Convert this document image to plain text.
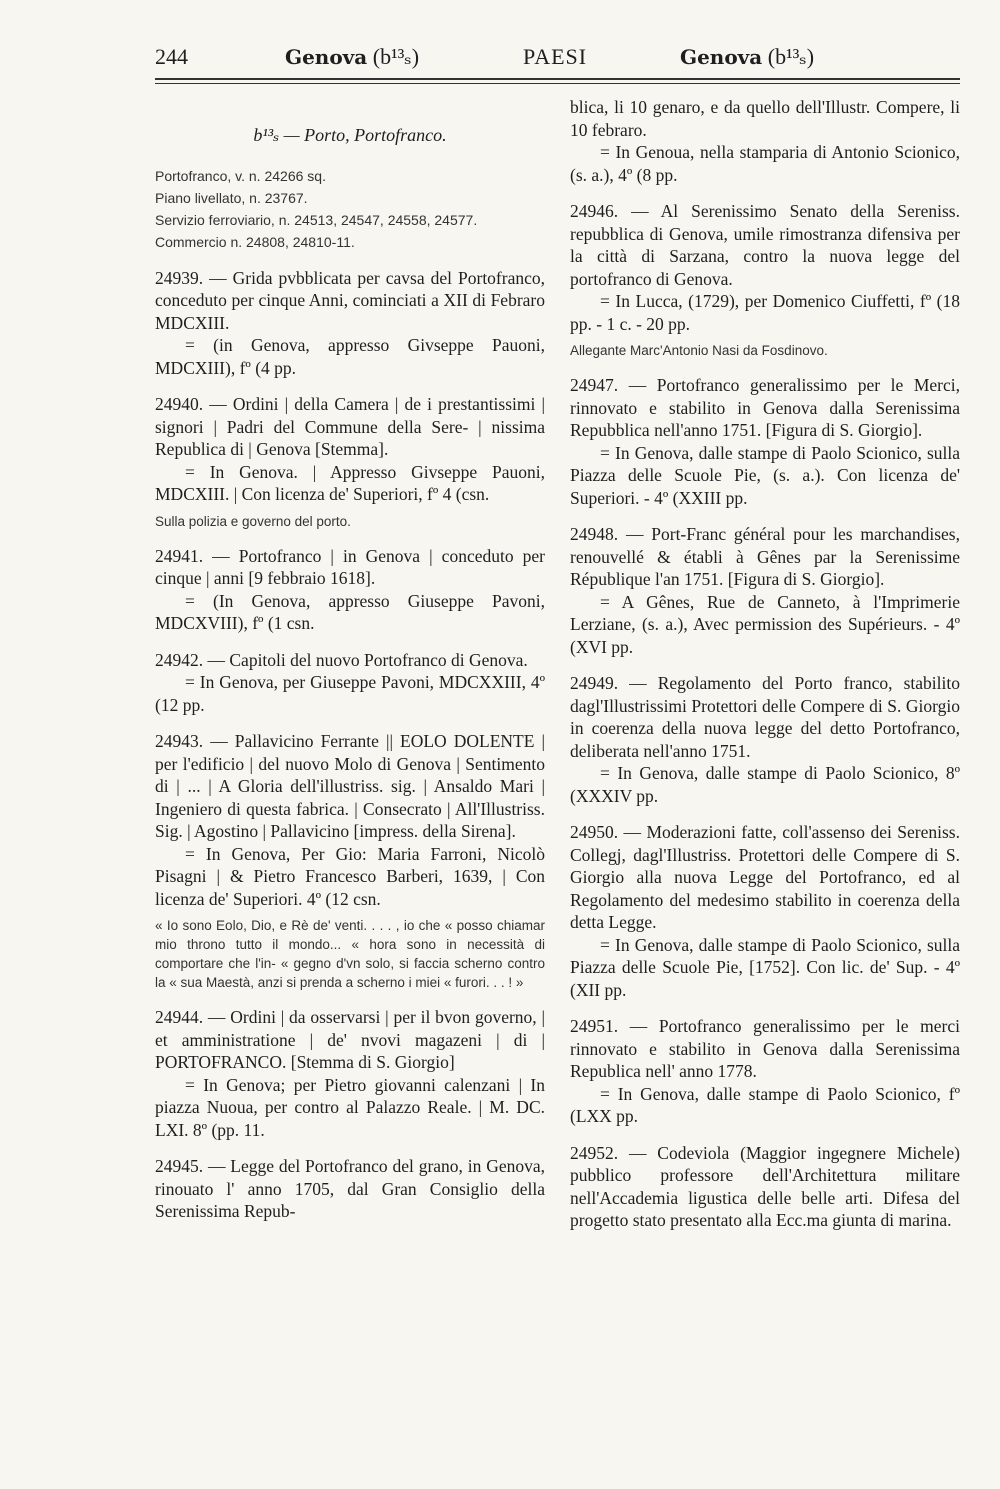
244	Genova (b¹³ₛ)	PAESI	Genova (b¹³ₛ)
b¹³ₛ — Porto, Portofranco.
Portofranco, v. n. 24266 sq.
Piano livellato, n. 23767.
Servizio ferroviario, n. 24513, 24547, 24558, 24577.
Commercio n. 24808, 24810-11.

24939. — Grida pvbblicata per cavsa del Portofranco, conceduto per cinque Anni, cominciati a XII di Febraro MDCXIII.

= (in Genova, appresso Givseppe Pauoni, MDCXIII), fº (4 pp.

24940. — Ordini | della Camera | de i prestantissimi | signori | Padri del Commune della Sere- | nissima Republica di | Genova [Stemma].

= In Genova. | Appresso Givseppe Pauoni, MDCXIII. | Con licenza de' Superiori, fº 4 (csn.

Sulla polizia e governo del porto.

24941. — Portofranco | in Genova | conceduto per cinque | anni [9 febbraio 1618].

= (In Genova, appresso Giuseppe Pavoni, MDCXVIII), fº (1 csn.

24942. — Capitoli del nuovo Portofranco di Genova.

= In Genova, per Giuseppe Pavoni, MDCXXIII, 4º (12 pp.

24943. — Pallavicino Ferrante || EOLO DOLENTE | per l'edificio | del nuovo Molo di Genova | Sentimento di | ... | A Gloria dell'illustriss. sig. | Ansaldo Mari | Ingeniero di questa fabrica. | Consecrato | All'Illustriss. Sig. | Agostino | Pallavicino [impress. della Sirena].

= In Genova, Per Gio: Maria Farroni, Nicolò Pisagni | & Pietro Francesco Barberi, 1639, | Con licenza de' Superiori. 4º (12 csn.

« Io sono Eolo, Dio, e Rè de' venti. . . . , io che « posso chiamar mio throno tutto il mondo... « hora sono in necessità di comportare che l'in- « gegno d'vn solo, si faccia scherno contro la « sua Maestà, anzi si prenda a scherno i miei « furori. . . ! »

24944. — Ordini | da osservarsi | per il bvon governo, | et amministratione | de' nvovi magazeni | di | PORTOFRANCO. [Stemma di S. Giorgio]

= In Genova; per Pietro giovanni calenzani | In piazza Nuoua, per contro al Palazzo Reale. | M. DC. LXI. 8º (pp. 11.

24945. — Legge del Portofranco del grano, in Genova, rinouato l' anno 1705, dal Gran Consiglio della Serenissima Repub-

blica, li 10 genaro, e da quello dell'Illustr. Compere, li 10 febraro.

= In Genoua, nella stamparia di Antonio Scionico, (s. a.), 4º (8 pp.

24946. — Al Serenissimo Senato della Sereniss. repubblica di Genova, umile rimostranza difensiva per la città di Sarzana, contro la nuova legge del portofranco di Genova.

= In Lucca, (1729), per Domenico Ciuffetti, fº (18 pp. - 1 c. - 20 pp.

Allegante Marc'Antonio Nasi da Fosdinovo.

24947. — Portofranco generalissimo per le Merci, rinnovato e stabilito in Genova dalla Serenissima Repubblica nell'anno 1751. [Figura di S. Giorgio].

= In Genova, dalle stampe di Paolo Scionico, sulla Piazza delle Scuole Pie, (s. a.). Con licenza de' Superiori. - 4º (XXIII pp.

24948. — Port-Franc général pour les marchandises, renouvellé & établi à Gênes par la Serenissime République l'an 1751. [Figura di S. Giorgio].

= A Gênes, Rue de Canneto, à l'Imprimerie Lerziane, (s. a.), Avec permission des Supérieurs. - 4º (XVI pp.

24949. — Regolamento del Porto franco, stabilito dagl'Illustrissimi Protettori delle Compere di S. Giorgio in coerenza della nuova legge del detto Portofranco, deliberata nell'anno 1751.

= In Genova, dalle stampe di Paolo Scionico, 8º (XXXIV pp.

24950. — Moderazioni fatte, coll'assenso dei Sereniss. Collegj, dagl'Illustriss. Protettori delle Compere di S. Giorgio alla nuova Legge del Portofranco, ed al Regolamento del medesimo stabilito in coerenza della detta Legge.

= In Genova, dalle stampe di Paolo Scionico, sulla Piazza delle Scuole Pie, [1752]. Con lic. de' Sup. - 4º (XII pp.

24951. — Portofranco generalissimo per le merci rinnovato e stabilito in Genova dalla Serenissima Republica nell' anno 1778.

= In Genova, dalle stampe di Paolo Scionico, fº (LXX pp.

24952. — Codeviola (Maggior ingegnere Michele) pubblico professore dell'Architettura militare nell'Accademia ligustica delle belle arti. Difesa del progetto stato presentato alla Ecc.ma giunta di marina.
